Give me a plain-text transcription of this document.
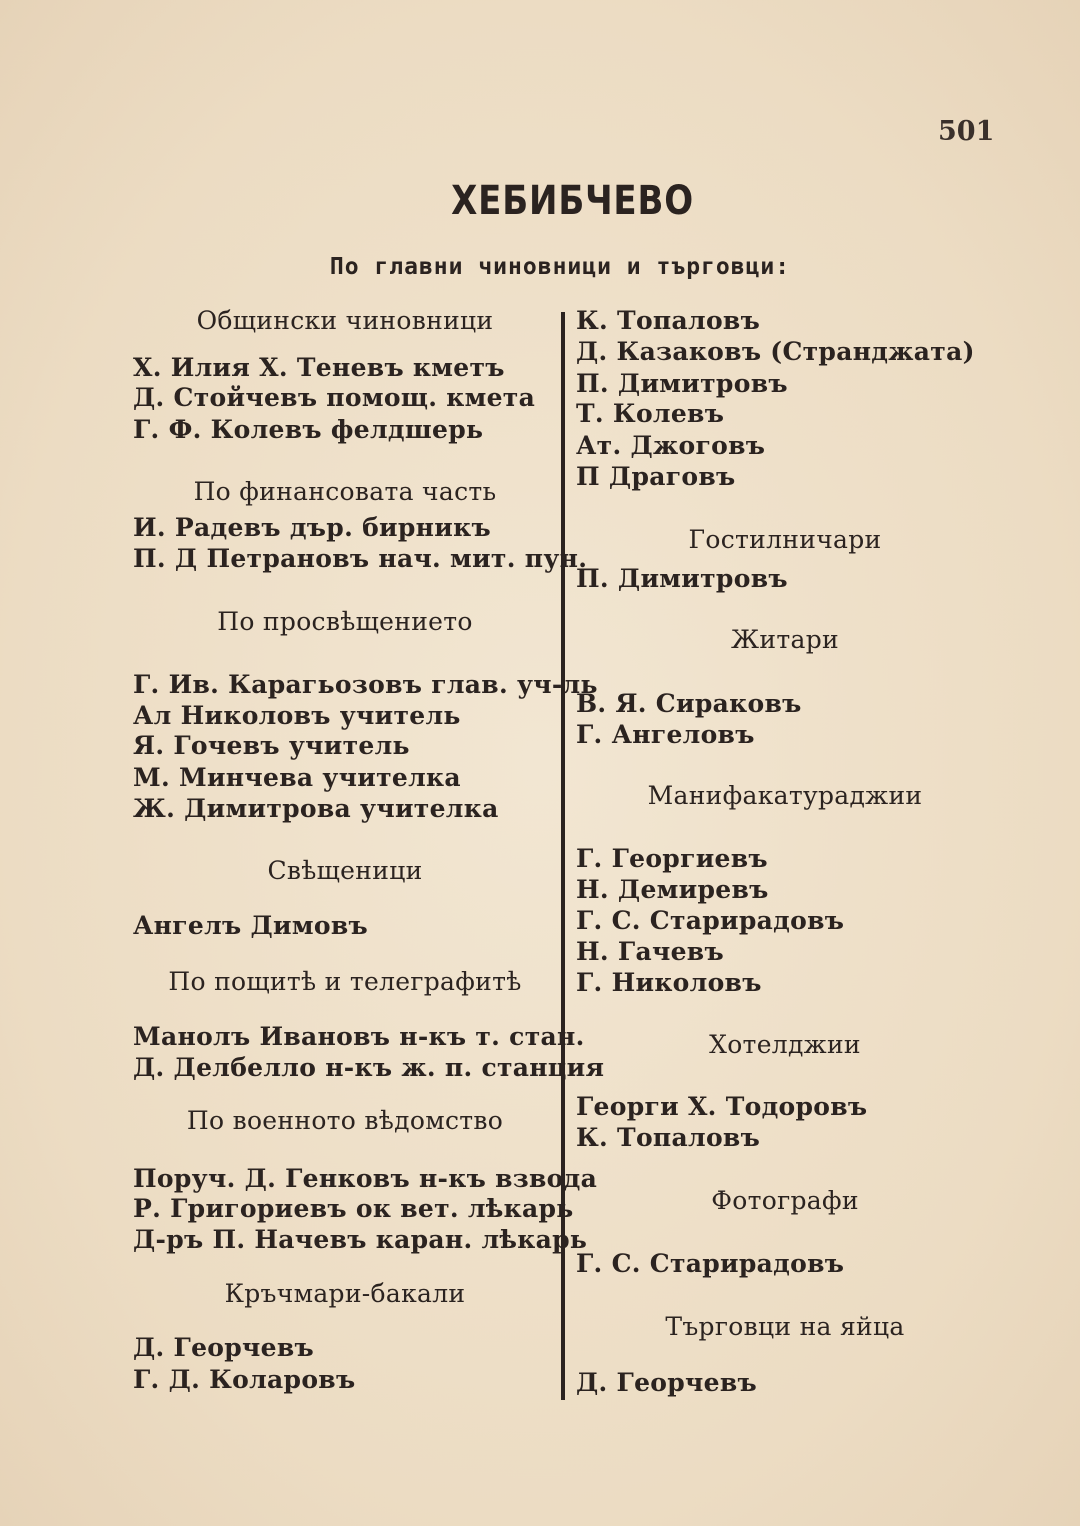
501
ХЕБИБЧЕВО
По главни чиновници и търговци:
Общински чиновници
Х. Илия Х. Теневъ кметъ
Д. Стойчевъ помощ. кмета
Г. Ф. Колевъ фелдшерь
По финансовата часть
И. Радевъ дър. бирникъ
П. Д Петрановъ нач. мит. пун.
По просвѣщението
Г. Ив. Карагьозовъ глав. уч-ль
Ал Николовъ учитель
Я. Гочевъ учитель
М. Минчева учителка
Ж. Димитрова учителка
Свѣщеници
Ангелъ Димовъ
По пощитѣ и телеграфитѣ
Манолъ Ивановъ н-къ т. стан.
Д. Делбелло н-къ ж. п. станция
По военното вѣдомство
Поруч. Д. Генковъ н-къ взвода
Р. Григориевъ ок вет. лѣкарь
Д-ръ П. Начевъ каран. лѣкарь
Кръчмари-бакали
Д. Георчевъ
Г. Д. Коларовъ
К. Топаловъ
Д. Казаковъ (Странджата)
П. Димитровъ
Т. Колевъ
Ат. Джоговъ
П Драговъ
Гостилничари
П. Димитровъ
Житари
В. Я. Сираковъ
Г. Ангеловъ
Манифакатураджии
Г. Георгиевъ
Н. Демиревъ
Г. С. Старирадовъ
Н. Гачевъ
Г. Николовъ
Хотелджии
Георги Х. Тодоровъ
К. Топаловъ
Фотографи
Г. С. Старирадовъ
Търговци на яйца
Д. Георчевъ
